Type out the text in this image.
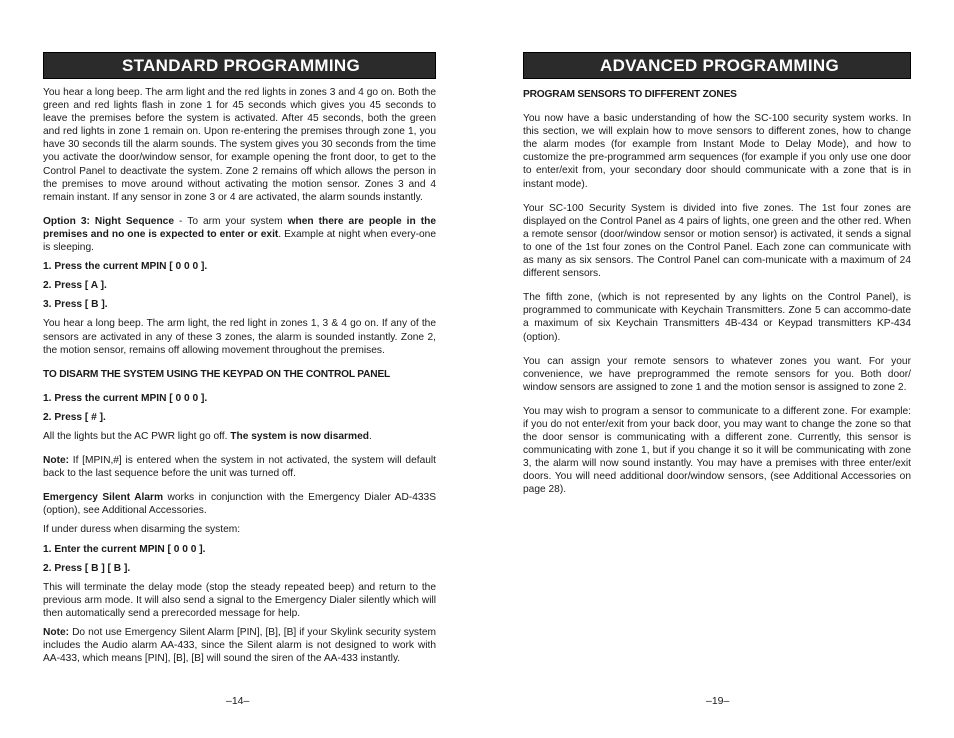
STANDARD PROGRAMMING

You hear a long beep. The arm light and the red lights in zones 3 and 4 go on. Both the green and red lights flash in zone 1 for 45 seconds which gives you 45 seconds to leave the premises before the system is activated. After 45 seconds, both the green and red lights in zone 1 remain on. Upon re-entering the premises through zone 1, you have 30 seconds till the alarm sounds. The system gives you 30 seconds from the time you activate the door/window sensor, for example opening the front door, to get to the Control Panel to deactivate the system. Zone 2 remains off which allows the person in the premises to move around without activating the motion sensor. Zones 3 and 4 remain instant. If any sensor in zone 3 or 4 are activated, the alarm sounds instantly.

Option 3: Night Sequence - To arm your system when there are people in the premises and no one is expected to enter or exit. Example at night when every-one is sleeping.

1. Press the current MPIN [ 0 0 0 ].
2. Press [ A ].
3. Press [ B ].

You hear a long beep. The arm light, the red light in zones 1, 3 & 4 go on. If any of the sensors are activated in any of these 3 zones, the alarm is sounded instantly. Zone 2, the motion sensor, remains off allowing movement throughout the premises.

TO DISARM THE SYSTEM USING THE KEYPAD ON THE CONTROL PANEL
1. Press the current MPIN [ 0 0 0 ].
2. Press [ # ].

All the lights but the AC PWR light go off. The system is now disarmed.

Note: If [MPIN,#] is entered when the system in not activated, the system will default back to the last sequence before the unit was turned off.

Emergency Silent Alarm works in conjunction with the Emergency Dialer AD-433S (option), see Additional Accessories.

If under duress when disarming the system:

1. Enter the current MPIN [ 0 0 0 ].
2. Press [ B ] [ B ].

This will terminate the delay mode (stop the steady repeated beep) and return to the previous arm mode. It will also send a signal to the Emergency Dialer silently which will then automatically send a prerecorded message for help.

Note: Do not use Emergency Silent Alarm [PIN], [B], [B] if your Skylink security system includes the Audio alarm AA-433, since the Silent alarm is not designed to work with AA-433, which means [PIN], [B], [B] will sound the siren of the AA-433 instantly.

–14–
ADVANCED PROGRAMMING
PROGRAM SENSORS TO DIFFERENT ZONES

You now have a basic understanding of how the SC-100 security system works. In this section, we will explain how to move sensors to different zones, how to change the alarm modes (for example from Instant Mode to Delay Mode), and how to customize the pre-programmed arm sequences (for example if you only use one door to enter/exit from, your secondary door should communicate with a zone that is in instant mode).

Your SC-100 Security System is divided into five zones. The 1st four zones are displayed on the Control Panel as 4 pairs of lights, one green and the other red. When a remote sensor (door/window sensor or motion sensor) is activated, it sends a signal to one of the 1st four zones on the Control Panel. Each zone can communicate with as many as six sensors. The Control Panel can com-municate with a maximum of 24 different sensors.

The fifth zone, (which is not represented by any lights on the Control Panel), is programmed to communicate with Keychain Transmitters. Zone 5 can accommo-date a maximum of six Keychain Transmitters 4B-434 or Keypad transmitters KP-434 (option).

You can assign your remote sensors to whatever zones you want. For your convenience, we have preprogrammed the remote sensors for you. Both door/ window sensors are assigned to zone 1 and the motion sensor is assigned to zone 2.

You may wish to program a sensor to communicate to a different zone. For example: if you do not enter/exit from your back door, you may want to change the zone so that the door sensor is communicating with a different zone. Currently, this sensor is communicating with zone 1, but if you change it so it will be communicating with zone 3, the alarm will now sound instantly. You may have a premises with three enter/exit doors. You will need additional door/window sensors, (see Additional Accessories on page 28).

–19–
